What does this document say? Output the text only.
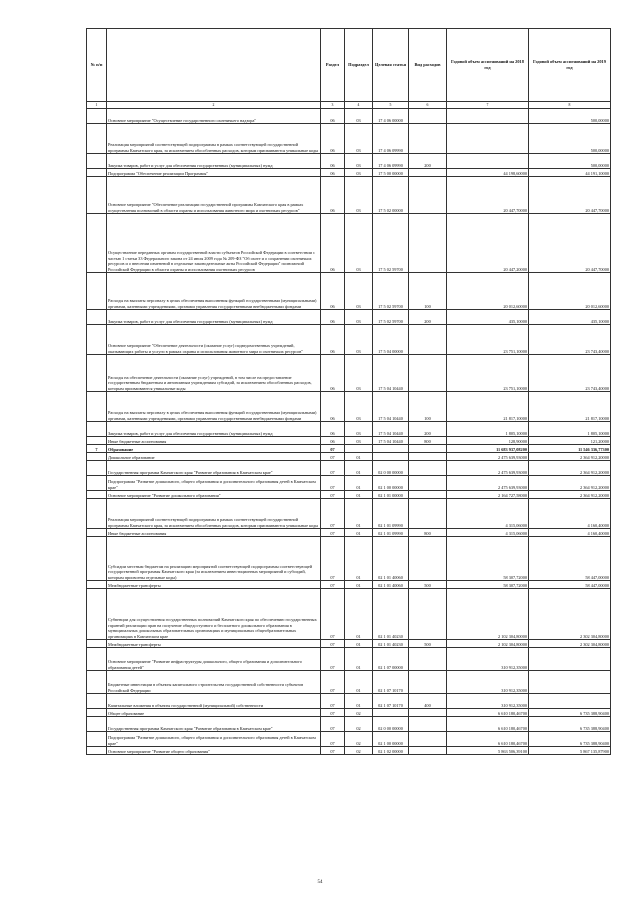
№ п/п		Раздел	Подраздел	Целевая статья	Вид расходов	Годовой объем ассигнований на 2018 год	Годовой объем ассигнований на 2019 год
1	2	3	4	5	6	7	8
	Основное мероприятие "Осуществление государственного охотничьего надзора"	06	03	17 4 06 00000			500,00000
	Реализация мероприятий соответствующей подпрограммы в рамках соответствующей государственной программы Камчатского края, за исключением обособленных расходов, которым присваиваются уникальные коды	06	03	17 4 06 09990			500,00000
	Закупка товаров, работ и услуг для обеспечения государственных (муниципальных) нужд	06	03	17 4 06 09990	200		500,00000
	Подпрограмма "Обеспечение реализации Программы"	06	03	17 5 00 00000		44 198,60000	44 191,10000
	Основное мероприятие "Обеспечение реализации государственной программы Камчатского края в рамках осуществления полномочий в области охраны и использования животного мира и охотничьих ресурсов"	06	03	17 5 02 00000		20 447,70000	20 447,70000
	Осуществление переданных органам государственной власти субъектов Российской Федерации в соответствии с частью 1 статьи 33 Федерального закона от 24 июля 2009 года № 209-ФЗ "Об охоте и о сохранении охотничьих ресурсов и о внесении изменений в отдельные законодательные акты Российской Федерации" полномочий Российской Федерации в области охраны и использования охотничьих ресурсов	06	03	17 5 02 59700		20 447,20000	20 447,70000
	Расходы на выплаты персоналу в целях обеспечения выполнения функций государственными (муниципальными) органами, казенными учреждениями, органами управления государственными внебюджетными фондами	06	03	17 5 02 59700	100	20 012,60000	20 012,60000
	Закупка товаров, работ и услуг для обеспечения государственных (муниципальных) нужд	06	03	17 5 02 59700	200	435,10000	435,10000
	Основное мероприятие "Обеспечение деятельности (оказание услуг) подведомственных учреждений, оказывающих работы и услуги в рамках охраны и использования животного мира и охотничьих ресурсов"	06	03	17 5 04 00000		23 751,10000	23 743,40000
	Расходы на обеспечение деятельности (оказание услуг) учреждений, в том числе на предоставление государственным бюджетным и автономным учреждениям субсидий, за исключением обособленных расходов, которым присваиваются уникальные коды	06	03	17 5 04 10440		23 751,10000	23 743,40000
	Расходы на выплаты персоналу в целях обеспечения выполнения функций государственными (муниципальными) органами, казенными учреждениями, органами управления государственными внебюджетными фондами	06	03	17 5 04 10440	100	21 817,10000	21 817,10000
	Закупка товаров, работ и услуг для обеспечения государственных (муниципальных) нужд	06	03	17 5 04 10440	200	1 805,10000	1 805,10000
	Иные бюджетные ассигнования	06	03	17 5 04 10440	800	128,90000	121,20000
7	Образование	07				11 683 937,08200	11 546 336,77300
	Дошкольное образование	07	01			2 475 639,93000	2 364 912,20000
	Государственная программа Камчатского края "Развитие образования в Камчатском крае"	07	01	02 0 00 00000		2 475 639,93000	2 364 912,20000
	Подпрограмма "Развитие дошкольного, общего образования и дополнительного образования детей в Камчатском крае"	07	01	02 1 00 00000		2 475 639,93000	2 364 912,20000
	Основное мероприятие "Развитие дошкольного образования"	07	01	02 1 01 00000		2 164 727,58000	2 364 912,20000
	Реализация мероприятий соответствующей подпрограммы в рамках соответствующей государственной программы Камчатского края, за исключением обособленных расходов, которым присваиваются уникальные коды	07	01	02 1 01 09990		4 315,06000	4 160,40000
	Иные бюджетные ассигнования	07	01	02 1 01 09990	800	4 315,06000	4 160,40000
	Субсидии местным бюджетам на реализацию мероприятий соответствующей подпрограммы соответствующей государственной программы Камчатского края (за исключением инвестиционных мероприятий и субсидий, которым присвоены отдельные коды)	07	01	02 1 01 40060		58 307,72000	58 447,00000
	Межбюджетные трансферты	07	01	02 1 01 40060	500	58 307,72000	58 447,00000
	Субвенции для осуществления государственных полномочий Камчатского края по обеспечению государственных гарантий реализации прав на получение общедоступного и бесплатного дошкольного образования в муниципальных дошкольных образовательных организациях и муниципальных общеобразовательных организациях в Камчатском крае	07	01	02 1 01 40230		2 102 304,80000	2 302 304,80000
	Межбюджетные трансферты	07	01	02 1 01 40230	500	2 102 304,80000	2 302 304,80000
	Основное мероприятие "Развитие инфраструктуры дошкольного, общего образования и дополнительного образования детей"	07	01	02 1 07 00000		310 912,35000	
	Бюджетные инвестиции в объекты капитального строительства государственной собственности субъектов Российской Федерации	07	01	02 1 07 10170		310 912,35000	
	Капитальные вложения в объекты государственной (муниципальной) собственности	07	01	02 1 07 10170	400	310 912,35000	
	Общее образование	07	02			6 610 180,46700	6 735 388,90400
	Государственная программа Камчатского края "Развитие образования в Камчатском крае"	07	02	02 0 00 00000		6 610 180,46700	6 735 388,90400
	Подпрограмма "Развитие дошкольного, общего образования и дополнительного образования детей в Камчатском крае"	07	02	02 1 00 00000		6 610 180,46700	6 735 388,90400
	Основное мероприятие "Развитие общего образования"	07	02	02 1 02 00000		5 863 506,39100	5 867 135,87900
54
